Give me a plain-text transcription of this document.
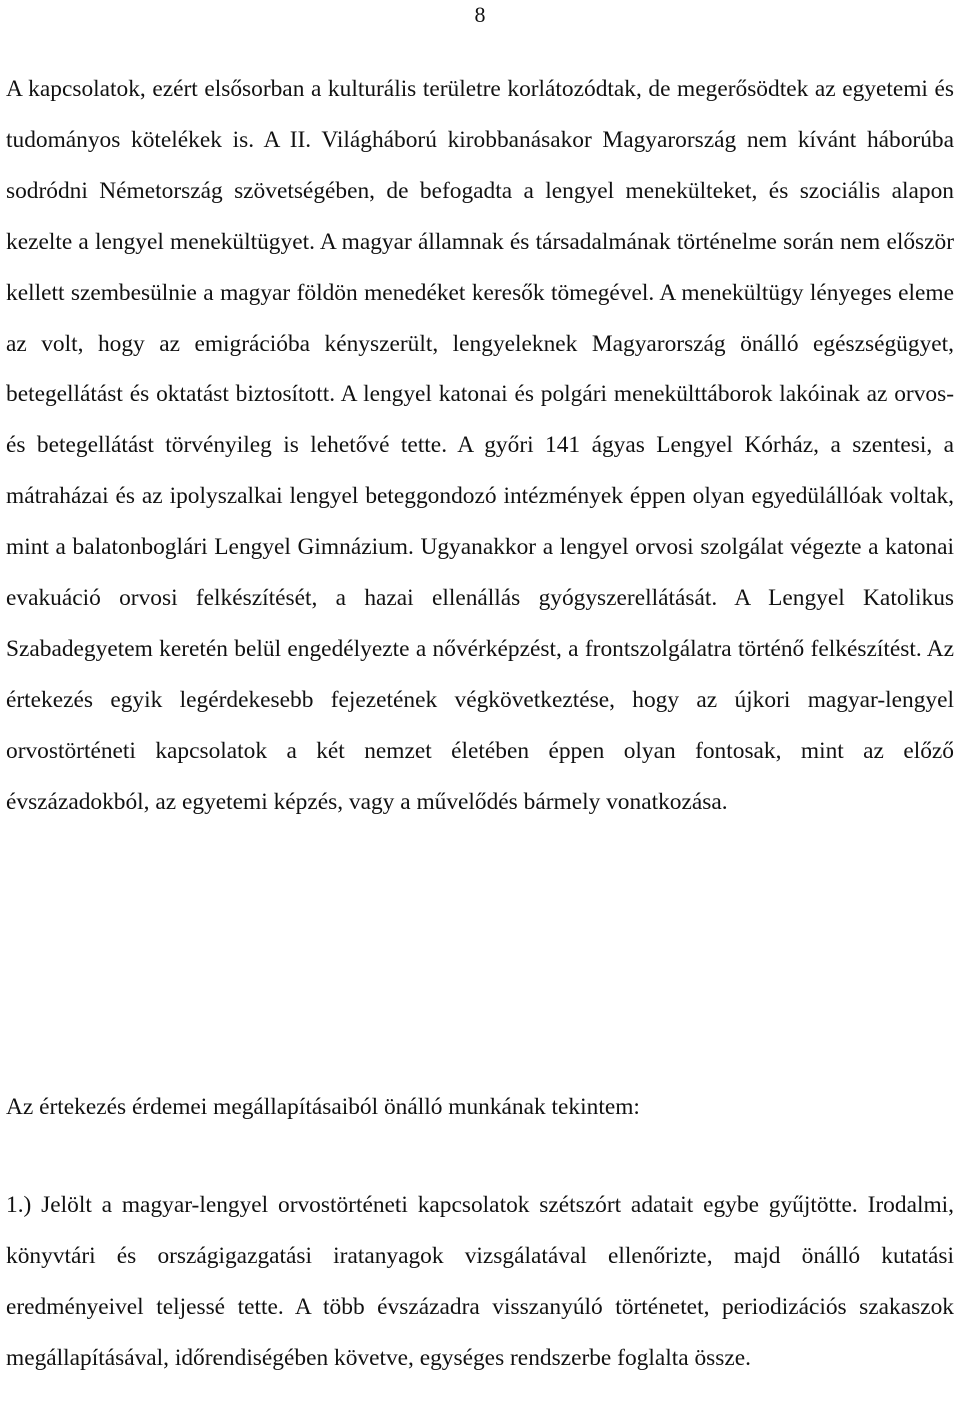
8

A kapcsolatok, ezért elsősorban a kulturális területre korlátozódtak, de megerősödtek az egyetemi és tudományos kötelékek is. A II. Világháború kirobbanásakor Magyarország nem kívánt háborúba sodródni Németország szövetségében, de befogadta a lengyel menekülteket, és szociális alapon kezelte a lengyel menekültügyet. A magyar államnak és társadalmának történelme során nem először kellett szembesülnie a magyar földön menedéket keresők tömegével. A menekültügy lényeges eleme az volt, hogy az emigrációba kényszerült, lengyeleknek Magyarország önálló egészségügyet, betegellátást és oktatást biztosított. A lengyel katonai és polgári menekülttáborok lakóinak az orvos- és betegellátást törvényileg is lehetővé tette. A győri 141 ágyas Lengyel Kórház, a szentesi, a mátraházai és az ipolyszalkai lengyel beteggondozó intézmények éppen olyan egyedülállóak voltak, mint a balatonboglári Lengyel Gimnázium. Ugyanakkor a lengyel orvosi szolgálat végezte a katonai evakuáció orvosi felkészítését, a hazai ellenállás gyógyszerellátását. A Lengyel Katolikus Szabadegyetem keretén belül engedélyezte a nővérképzést, a frontszolgálatra történő felkészítést. Az értekezés egyik legérdekesebb fejezetének végkövetkeztése, hogy az újkori magyar-lengyel orvostörténeti kapcsolatok a két nemzet életében éppen olyan fontosak, mint az előző évszázadokból, az egyetemi képzés, vagy a művelődés bármely vonatkozása.

Az értekezés érdemei megállapításaiból önálló munkának tekintem:

1.) Jelölt a magyar-lengyel orvostörténeti kapcsolatok szétszórt adatait egybe gyűjtötte. Irodalmi, könyvtári és országigazgatási iratanyagok vizsgálatával ellenőrizte, majd önálló kutatási eredményeivel teljessé tette. A több évszázadra visszanyúló történetet, periodizációs szakaszok megállapításával, időrendiségében követve, egységes rendszerbe foglalta össze.
